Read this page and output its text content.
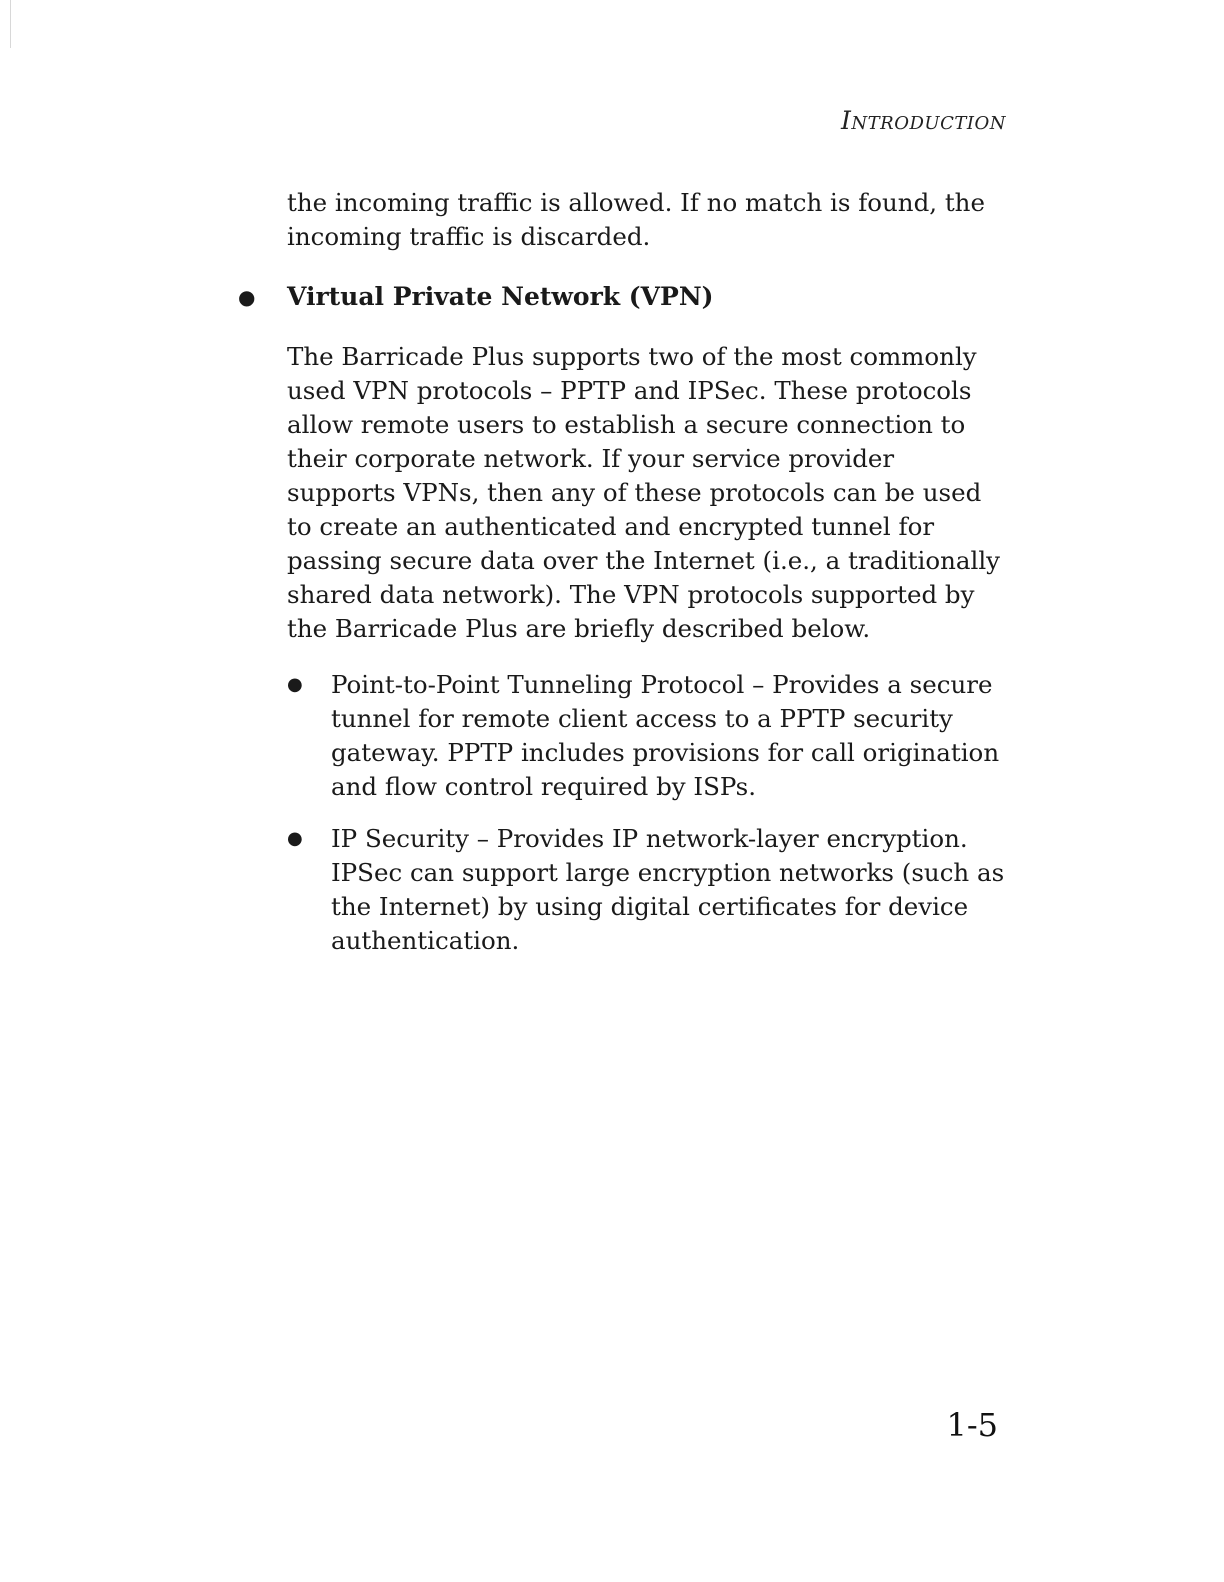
Introduction

the incoming traffic is allowed. If no match is found, the incoming traffic is discarded.

● Virtual Private Network (VPN)

The Barricade Plus supports two of the most commonly used VPN protocols – PPTP and IPSec. These protocols allow remote users to establish a secure connection to their corporate network. If your service provider supports VPNs, then any of these protocols can be used to create an authenticated and encrypted tunnel for passing secure data over the Internet (i.e., a traditionally shared data network). The VPN protocols supported by the Barricade Plus are briefly described below.

● Point-to-Point Tunneling Protocol – Provides a secure tunnel for remote client access to a PPTP security gateway. PPTP includes provisions for call origination and flow control required by ISPs.
● IP Security – Provides IP network-layer encryption. IPSec can support large encryption networks (such as the Internet) by using digital certificates for device authentication.
1-5
